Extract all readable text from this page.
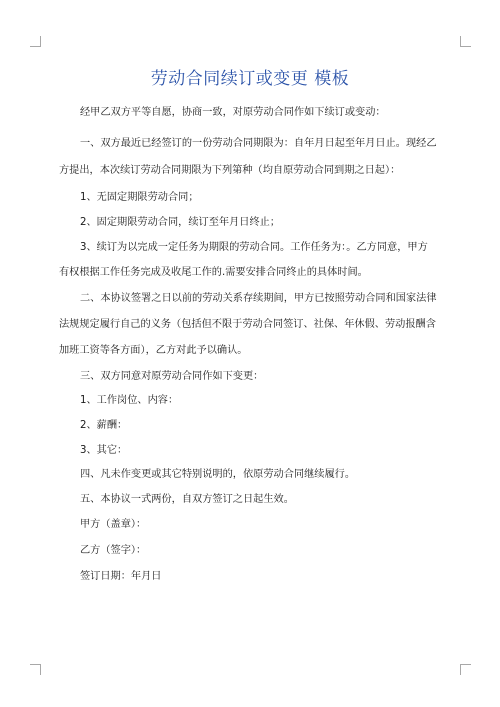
劳动合同续订或变更 模板
经甲乙双方平等自愿，协商一致，对原劳动合同作如下续订或变动：
一、双方最近已经签订的一份劳动合同期限为：自年月日起至年月日止。现经乙
方提出，本次续订劳动合同期限为下列第种（均自原劳动合同到期之日起）：
1、无固定期限劳动合同；
2、固定期限劳动合同，续订至年月日终止；
3、续订为以完成一定任务为期限的劳动合同。工作任务为：。乙方同意，甲方
有权根据工作任务完成及收尾工作的.需要安排合同终止的具体时间。
二、本协议签署之日以前的劳动关系存续期间，甲方已按照劳动合同和国家法律
法规规定履行自己的义务（包括但不限于劳动合同签订、社保、年休假、劳动报酬含
加班工资等各方面），乙方对此予以确认。
三、双方同意对原劳动合同作如下变更：
1、工作岗位、内容：
2、薪酬：
3、其它：
四、凡未作变更或其它特别说明的，依原劳动合同继续履行。
五、本协议一式两份，自双方签订之日起生效。
甲方（盖章）：
乙方（签字）：
签订日期：年月日
